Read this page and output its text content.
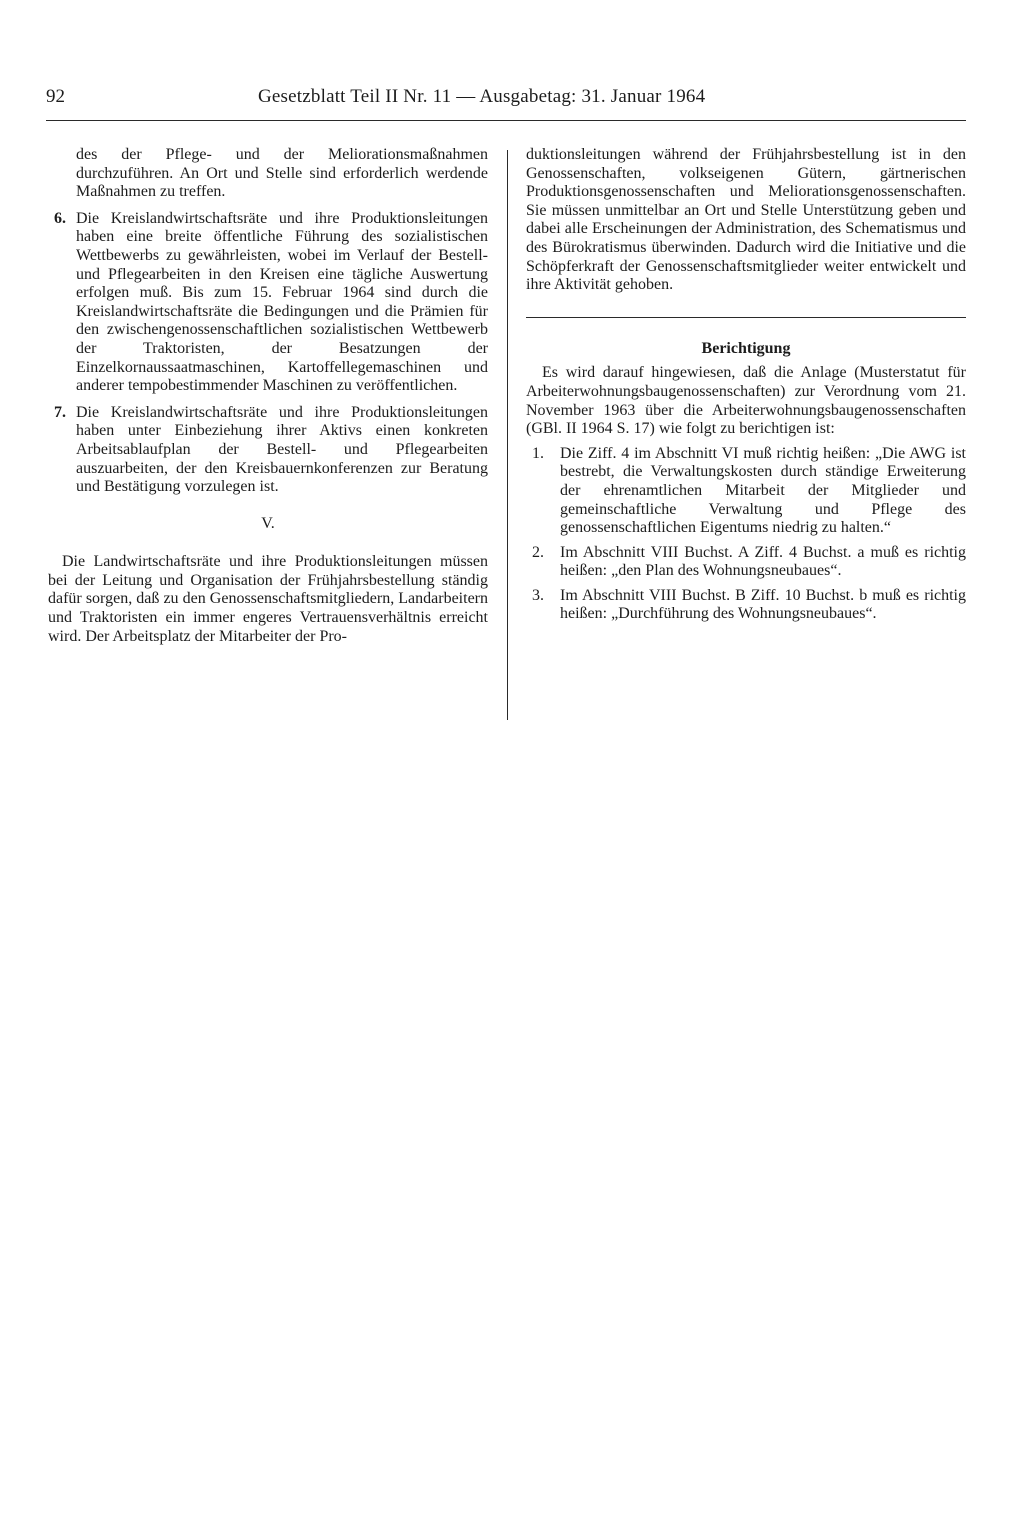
92	Gesetzblatt Teil II Nr. 11 — Ausgabetag: 31. Januar 1964

des der Pflege- und der Meliorationsmaßnahmen durchzuführen. An Ort und Stelle sind erforderlich werdende Maßnahmen zu treffen.

6. Die Kreislandwirtschaftsräte und ihre Produktionsleitungen haben eine breite öffentliche Führung des sozialistischen Wettbewerbs zu gewährleisten, wobei im Verlauf der Bestell- und Pflegearbeiten in den Kreisen eine tägliche Auswertung erfolgen muß. Bis zum 15. Februar 1964 sind durch die Kreislandwirtschaftsräte die Bedingungen und die Prämien für den zwischengenossenschaftlichen sozialistischen Wettbewerb der Traktoristen, der Besatzungen der Einzelkornaussaatmaschinen, Kartoffellegemaschinen und anderer tempobestimmender Maschinen zu veröffentlichen.

7. Die Kreislandwirtschaftsräte und ihre Produktionsleitungen haben unter Einbeziehung ihrer Aktivs einen konkreten Arbeitsablaufplan der Bestell- und Pflegearbeiten auszuarbeiten, der den Kreisbauernkonferenzen zur Beratung und Bestätigung vorzulegen ist.

V.

Die Landwirtschaftsräte und ihre Produktionsleitungen müssen bei der Leitung und Organisation der Frühjahrsbestellung ständig dafür sorgen, daß zu den Genossenschaftsmitgliedern, Landarbeitern und Traktoristen ein immer engeres Vertrauensverhältnis erreicht wird. Der Arbeitsplatz der Mitarbeiter der Pro-

duktionsleitungen während der Frühjahrsbestellung ist in den Genossenschaften, volkseigenen Gütern, gärtnerischen Produktionsgenossenschaften und Meliorationsgenossenschaften. Sie müssen unmittelbar an Ort und Stelle Unterstützung geben und dabei alle Erscheinungen der Administration, des Schematismus und des Bürokratismus überwinden. Dadurch wird die Initiative und die Schöpferkraft der Genossenschaftsmitglieder weiter entwickelt und ihre Aktivität gehoben.

Berichtigung

Es wird darauf hingewiesen, daß die Anlage (Musterstatut für Arbeiterwohnungsbaugenossenschaften) zur Verordnung vom 21. November 1963 über die Arbeiterwohnungsbaugenossenschaften (GBl. II 1964 S. 17) wie folgt zu berichtigen ist:

1. Die Ziff. 4 im Abschnitt VI muß richtig heißen: „Die AWG ist bestrebt, die Verwaltungskosten durch ständige Erweiterung der ehrenamtlichen Mitarbeit der Mitglieder und gemeinschaftliche Verwaltung und Pflege des genossenschaftlichen Eigentums niedrig zu halten.“

2. Im Abschnitt VIII Buchst. A Ziff. 4 Buchst. a muß es richtig heißen: „den Plan des Wohnungsneubaues“.

3. Im Abschnitt VIII Buchst. B Ziff. 10 Buchst. b muß es richtig heißen: „Durchführung des Wohnungsneubaues“.
